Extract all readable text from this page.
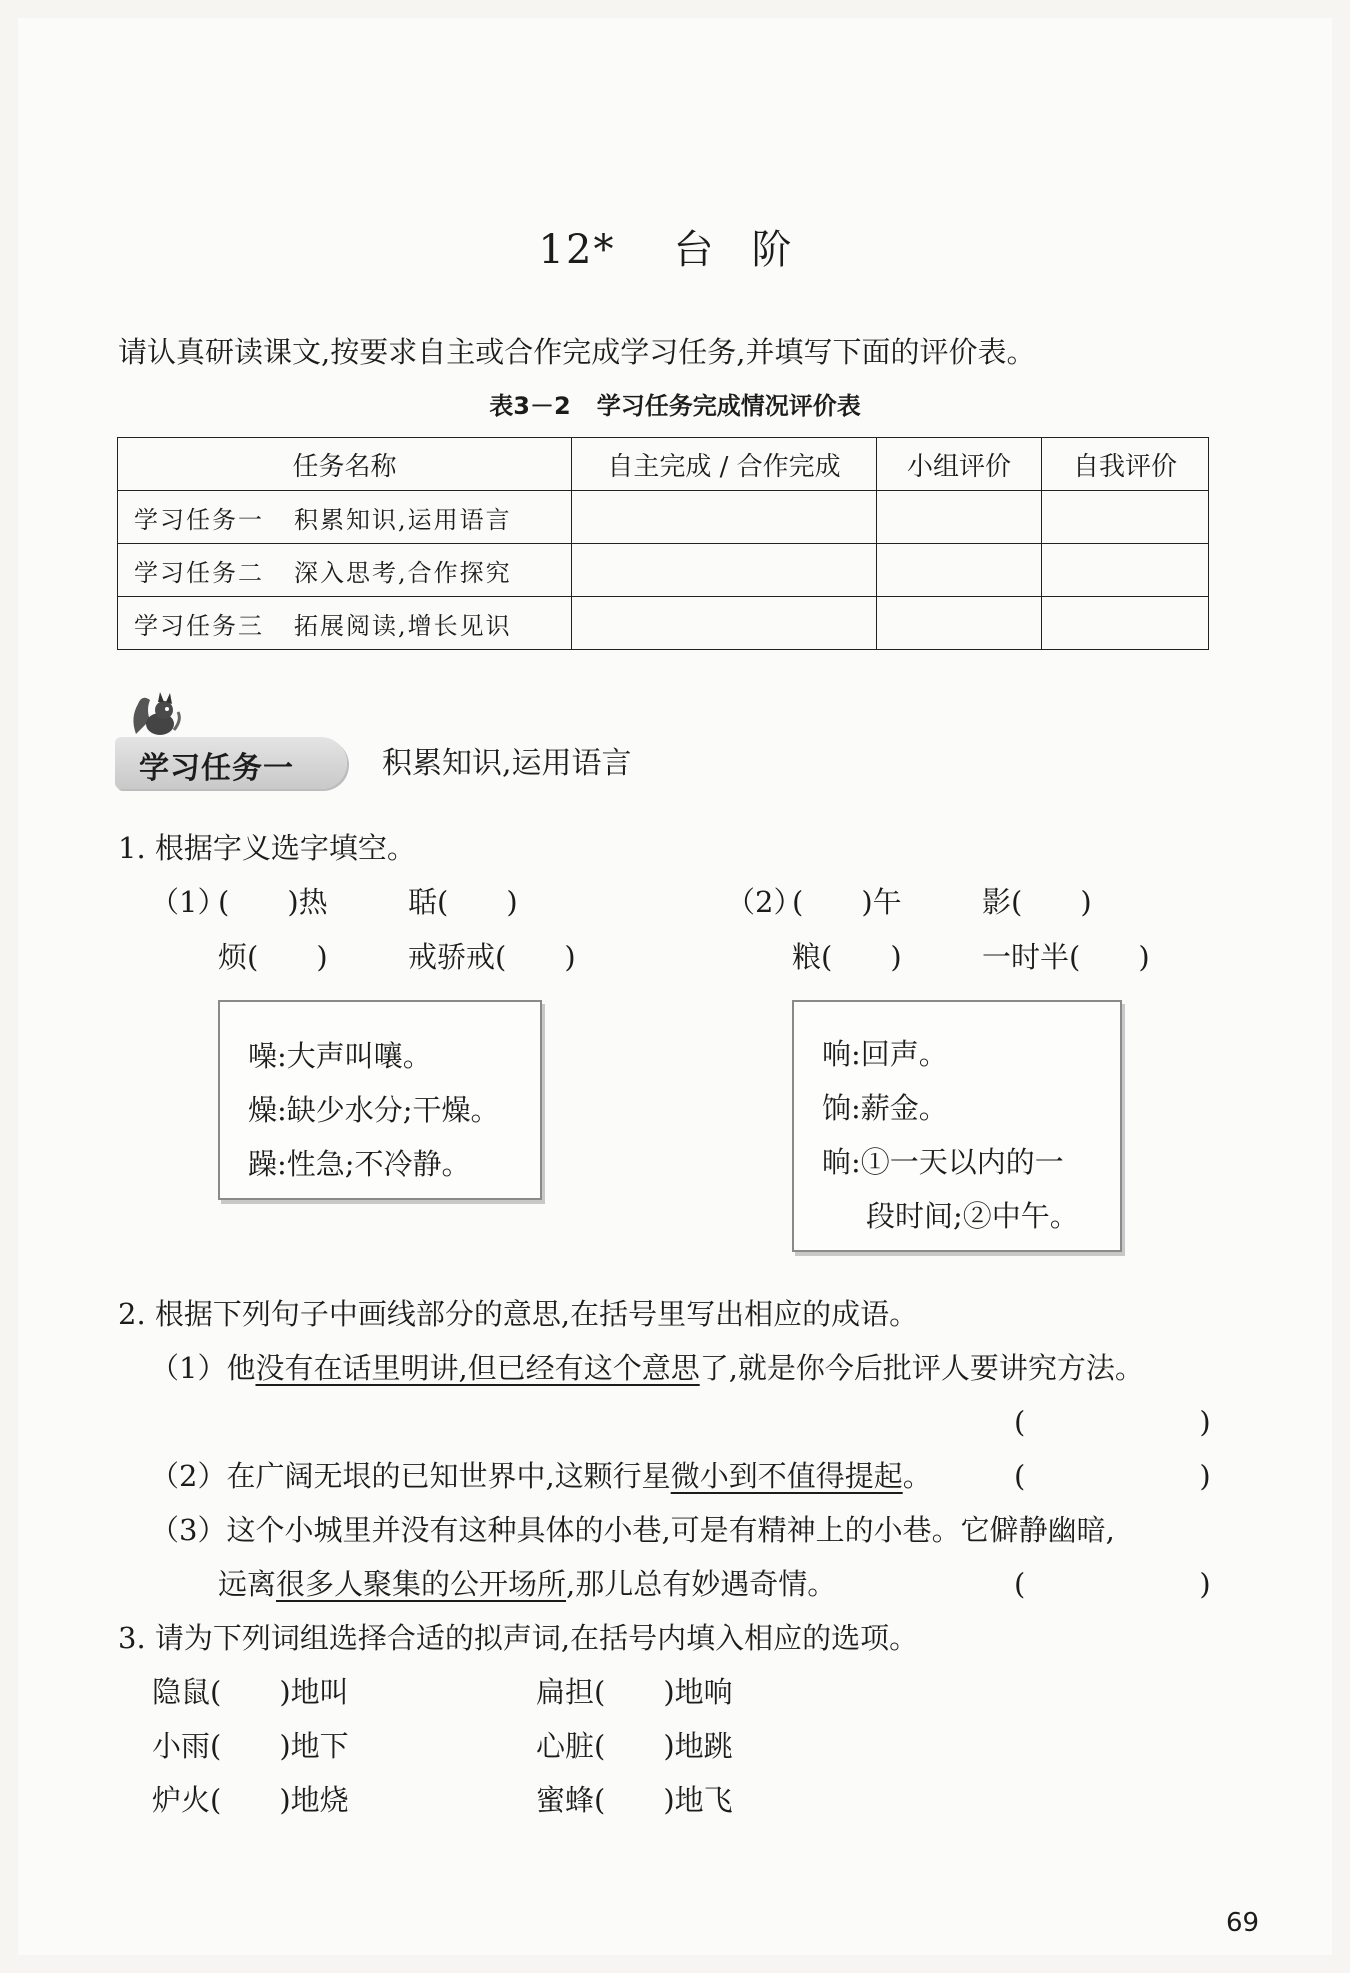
12* 台 阶
请认真研读课文,按要求自主或合作完成学习任务,并填写下面的评价表。
表3－2 学习任务完成情况评价表
任务名称	自主完成 / 合作完成	小组评价	自我评价
学习任务一 积累知识,运用语言			
学习任务二 深入思考,合作探究			
学习任务三 拓展阅读,增长见识			
学习任务一	积累知识,运用语言
1. 根据字义选字填空。
（1）
(　　)热	聒(　　)
烦(　　)	戒骄戒(　　)
（2）
(　　)午	影(　　)
粮(　　)	一时半(　　)
噪:大声叫嚷。
燥:缺少水分;干燥。
躁:性急;不冷静。
响:回声。
饷:薪金。
晌:①一天以内的一
段时间;②中午。
2. 根据下列句子中画线部分的意思,在括号里写出相应的成语。
（1）他没有在话里明讲,但已经有这个意思了,就是你今后批评人要讲究方法。
(　　　　　　)
（2）在广阔无垠的已知世界中,这颗行星微小到不值得提起。	(　　　　　　)
（3）这个小城里并没有这种具体的小巷,可是有精神上的小巷。它僻静幽暗,
远离很多人聚集的公开场所,那儿总有妙遇奇情。	(　　　　　　)
3. 请为下列词组选择合适的拟声词,在括号内填入相应的选项。
隐鼠(　　)地叫	扁担(　　)地响
小雨(　　)地下	心脏(　　)地跳
炉火(　　)地烧	蜜蜂(　　)地飞
69
